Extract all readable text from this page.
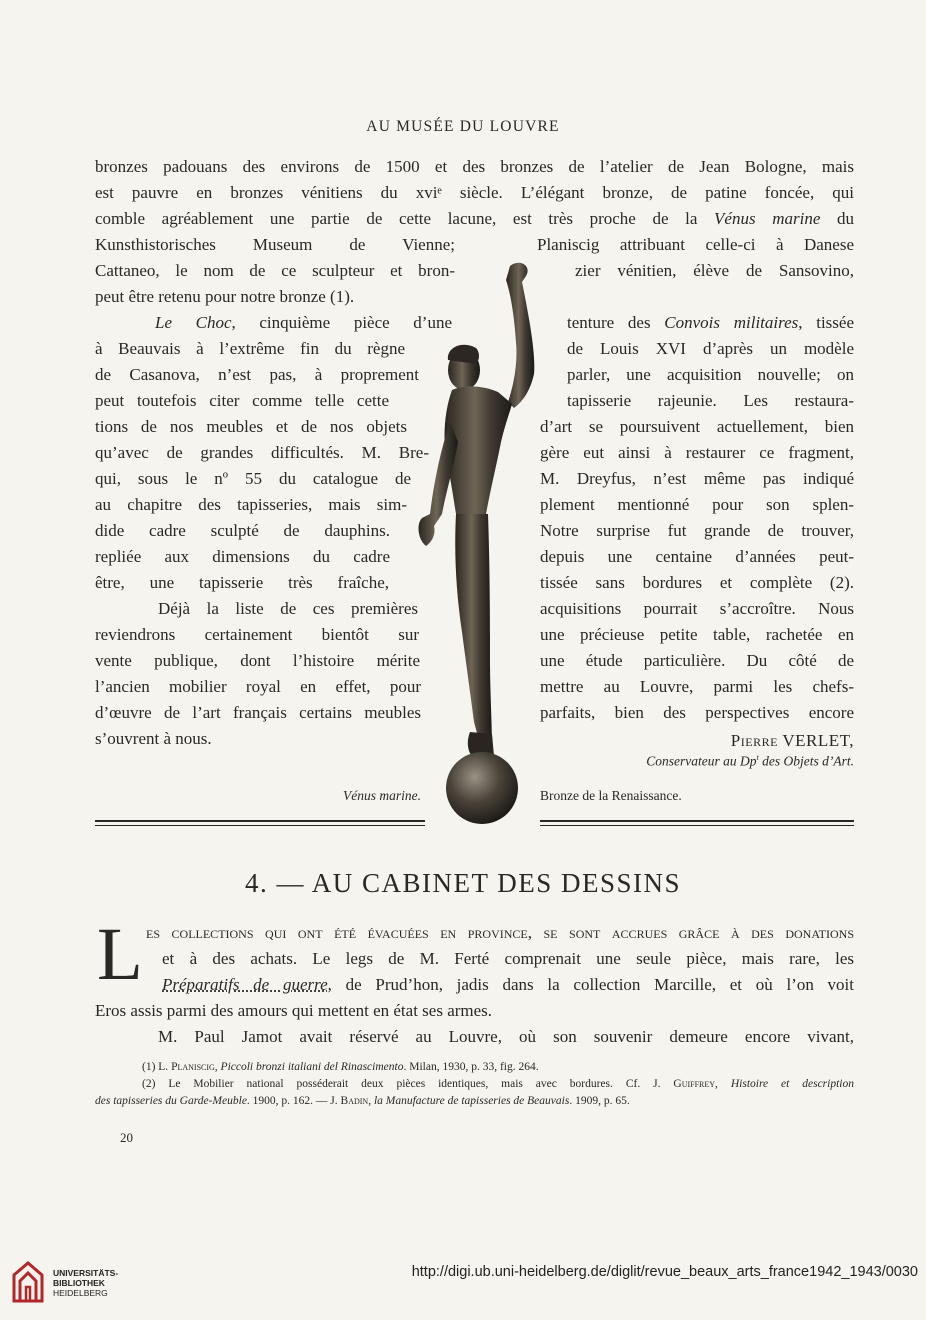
AU MUSÉE DU LOUVRE
bronzes padouans des environs de 1500 et des bronzes de l’atelier de Jean Bologne, mais
est pauvre en bronzes vénitiens du xviᵉ siècle. L’élégant bronze, de patine foncée, qui
comble agréablement une partie de cette lacune, est très proche de la Vénus marine du
Kunsthistorisches Museum de Vienne;
Cattaneo, le nom de ce sculpteur et bron-
peut être retenu pour notre bronze (1).
Le Choc, cinquième pièce d’une
à Beauvais à l’extrême fin du règne
de Casanova, n’est pas, à proprement
peut toutefois citer comme telle cette
tions de nos meubles et de nos objets
qu’avec de grandes difficultés. M. Bre-
qui, sous le nº 55 du catalogue de
au chapitre des tapisseries, mais sim-
dide cadre sculpté de dauphins.
repliée aux dimensions du cadre
être, une tapisserie très fraîche,
Déjà la liste de ces premières
reviendrons certainement bientôt sur
vente publique, dont l’histoire mérite
l’ancien mobilier royal en effet, pour
d’œuvre de l’art français certains meubles
s’ouvrent à nous.
Planiscig attribuant celle-ci à Danese
zier vénitien, élève de Sansovino,
tenture des Convois militaires, tissée
de Louis XVI d’après un modèle
parler, une acquisition nouvelle; on
tapisserie rajeunie. Les restaura-
d’art se poursuivent actuellement, bien
gère eut ainsi à restaurer ce fragment,
M. Dreyfus, n’est même pas indiqué
plement mentionné pour son splen-
Notre surprise fut grande de trouver,
depuis une centaine d’années peut-
tissée sans bordures et complète (2).
acquisitions pourrait s’accroître. Nous
une précieuse petite table, rachetée en
une étude particulière. Du côté de
mettre au Louvre, parmi les chefs-
parfaits, bien des perspectives encore
Pierre VERLET,
Conservateur au Dp$^t$ des Objets d’Art.
Vénus marine.	Bronze de la Renaissance.
4. — AU CABINET DES DESSINS
L es collections qui ont été évacuées en province, se sont accrues grâce à des donations
et à des achats. Le legs de M. Ferté comprenait une seule pièce, mais rare, les
Préparatifs de guerre, de Prud’hon, jadis dans la collection Marcille, et où l’on voit
Eros assis parmi des amours qui mettent en état ses armes.
M. Paul Jamot avait réservé au Louvre, où son souvenir demeure encore vivant,
(1) L. Planiscig, Piccoli bronzi italiani del Rinascimento. Milan, 1930, p. 33, fig. 264.
(2) Le Mobilier national posséderait deux pièces identiques, mais avec bordures. Cf. J. Guiffrey, Histoire et description
des tapisseries du Garde-Meuble. 1900, p. 162. — J. Badin, la Manufacture de tapisseries de Beauvais. 1909, p. 65.
20
UNIVERSITÄTS-
BIBLIOTHEK
HEIDELBERG
http://digi.ub.uni-heidelberg.de/diglit/revue_beaux_arts_france1942_1943/0030
